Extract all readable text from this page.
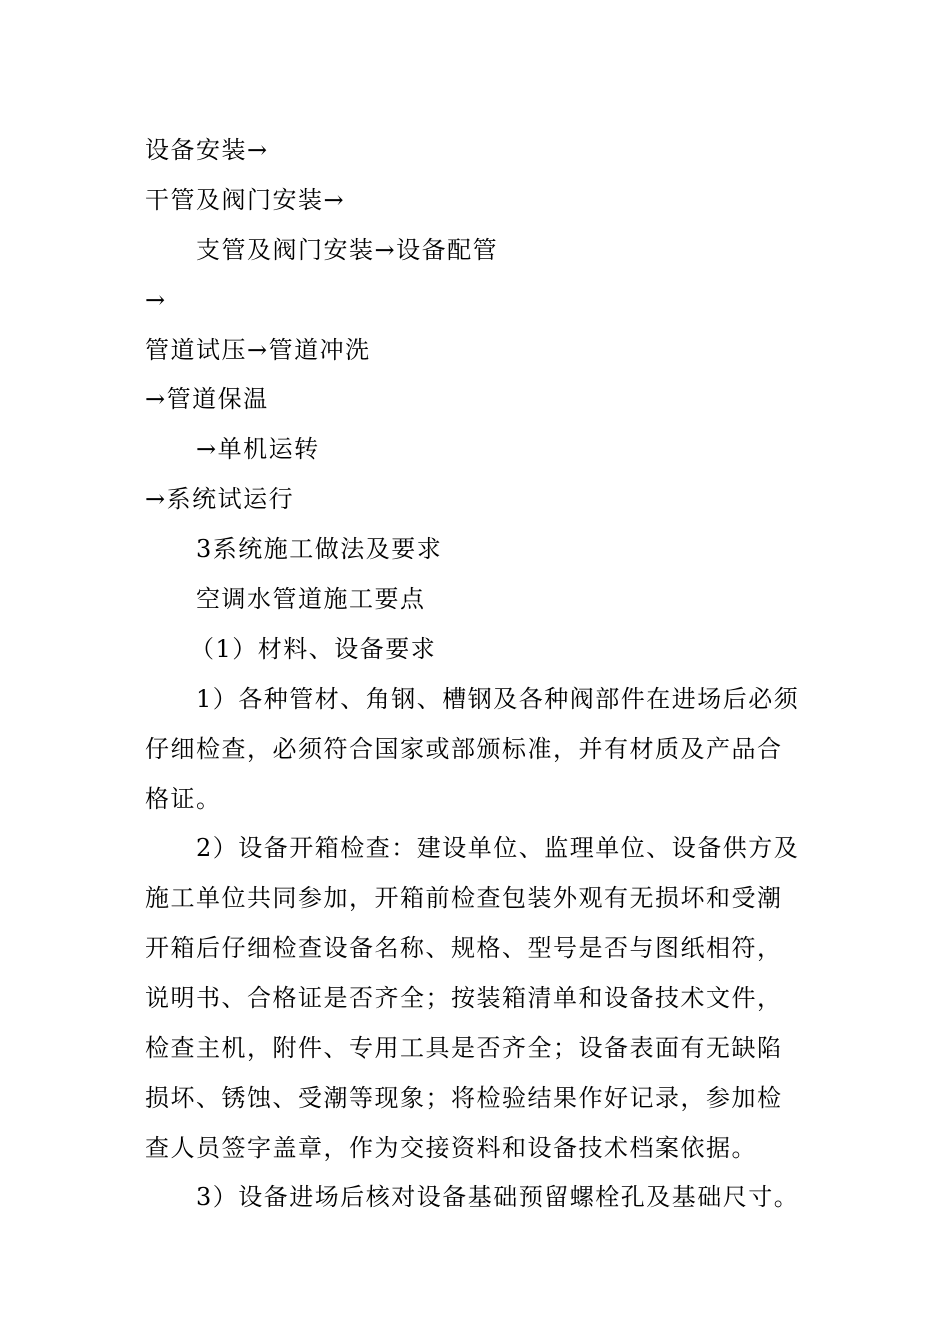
设备安装→
干管及阀门安装→
支管及阀门安装→设备配管
→
管道试压→管道冲洗
→管道保温
→单机运转
→系统试运行
3系统施工做法及要求
空调水管道施工要点
（1）材料、设备要求
1）各种管材、角钢、槽钢及各种阀部件在进场后必须
仔细检查，必须符合国家或部颁标准，并有材质及产品合
格证。
2）设备开箱检查：建设单位、监理单位、设备供方及
施工单位共同参加，开箱前检查包装外观有无损坏和受潮
开箱后仔细检查设备名称、规格、型号是否与图纸相符，
说明书、合格证是否齐全；按装箱清单和设备技术文件，
检查主机，附件、专用工具是否齐全；设备表面有无缺陷
损坏、锈蚀、受潮等现象；将检验结果作好记录，参加检
查人员签字盖章，作为交接资料和设备技术档案依据。
3）设备进场后核对设备基础预留螺栓孔及基础尺寸。
